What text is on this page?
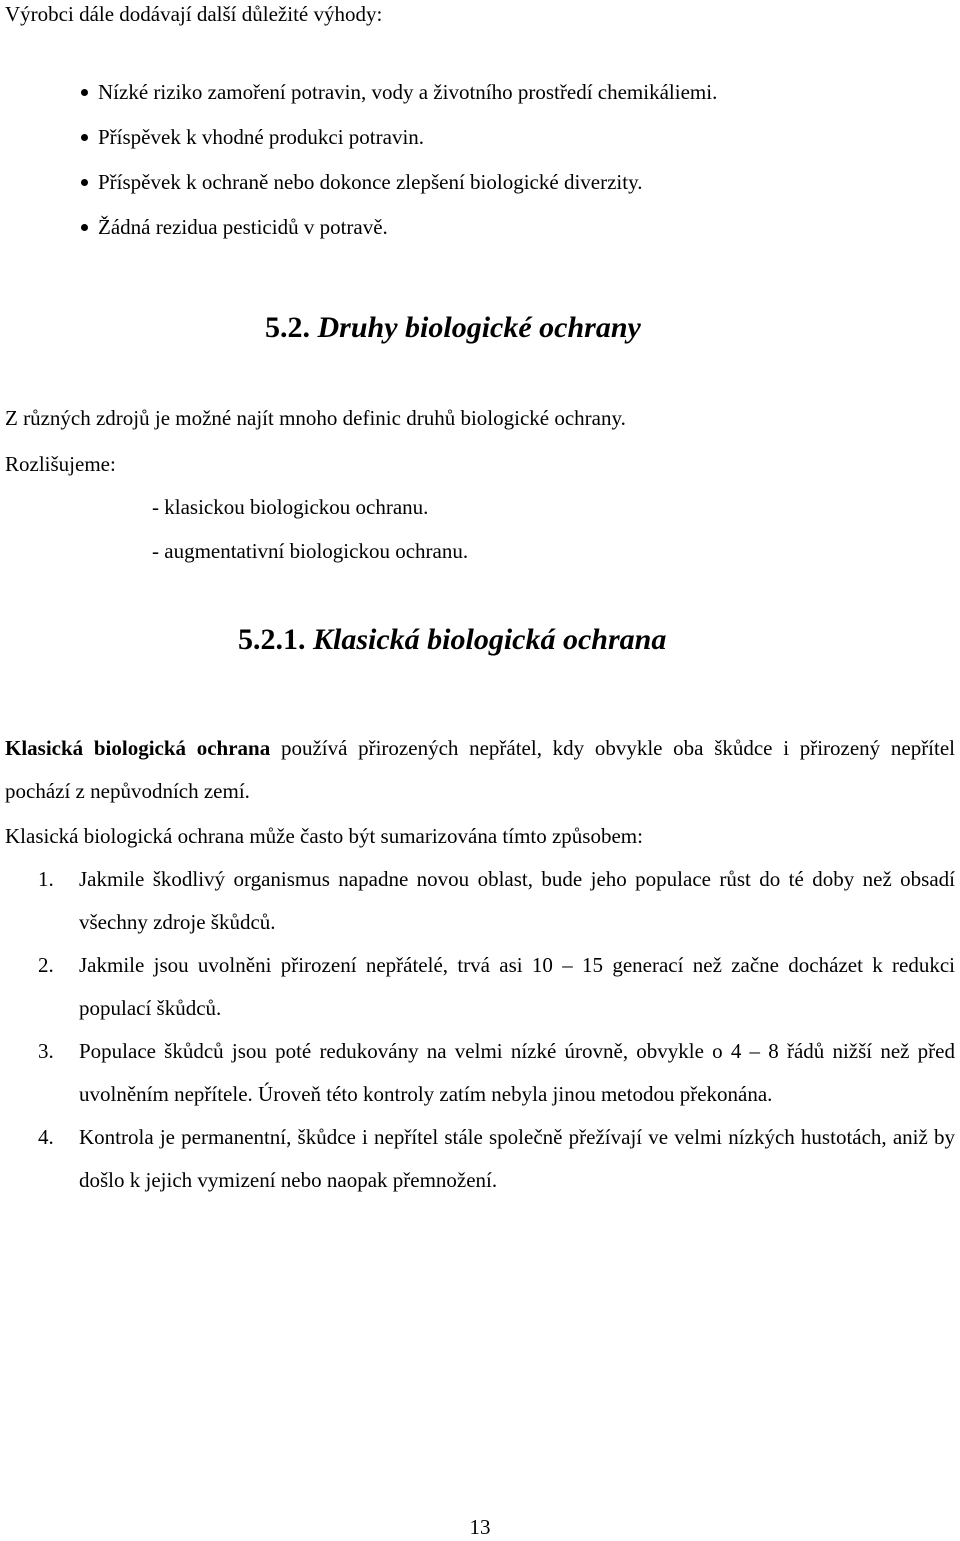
Výrobci dále dodávají další důležité výhody:
Nízké riziko zamoření potravin, vody a životního prostředí chemikáliemi.
Příspěvek k vhodné produkci potravin.
Příspěvek k ochraně nebo dokonce zlepšení biologické diverzity.
Žádná rezidua pesticidů v potravě.
5.2. Druhy biologické ochrany
Z různých zdrojů je možné najít mnoho definic druhů biologické ochrany.
Rozlišujeme:
- klasickou biologickou ochranu.
- augmentativní biologickou ochranu.
5.2.1. Klasická biologická ochrana
Klasická biologická ochrana používá přirozených nepřátel, kdy obvykle oba škůdce i přirozený nepřítel pochází z nepůvodních zemí.
Klasická biologická ochrana může často být sumarizována tímto způsobem:
1. Jakmile škodlivý organismus napadne novou oblast, bude jeho populace růst do té doby než obsadí všechny zdroje škůdců.
2. Jakmile jsou uvolněni přirození nepřátelé, trvá asi 10 – 15 generací než začne docházet k redukci populací škůdců.
3. Populace škůdců jsou poté redukovány na velmi nízké úrovně, obvykle o 4 – 8 řádů nižší než před uvolněním nepřítele. Úroveň této kontroly zatím nebyla jinou metodou překonána.
4. Kontrola je permanentní, škůdce i nepřítel stále společně přežívají ve velmi nízkých hustotách, aniž by došlo k jejich vymizení nebo naopak přemnožení.
13
